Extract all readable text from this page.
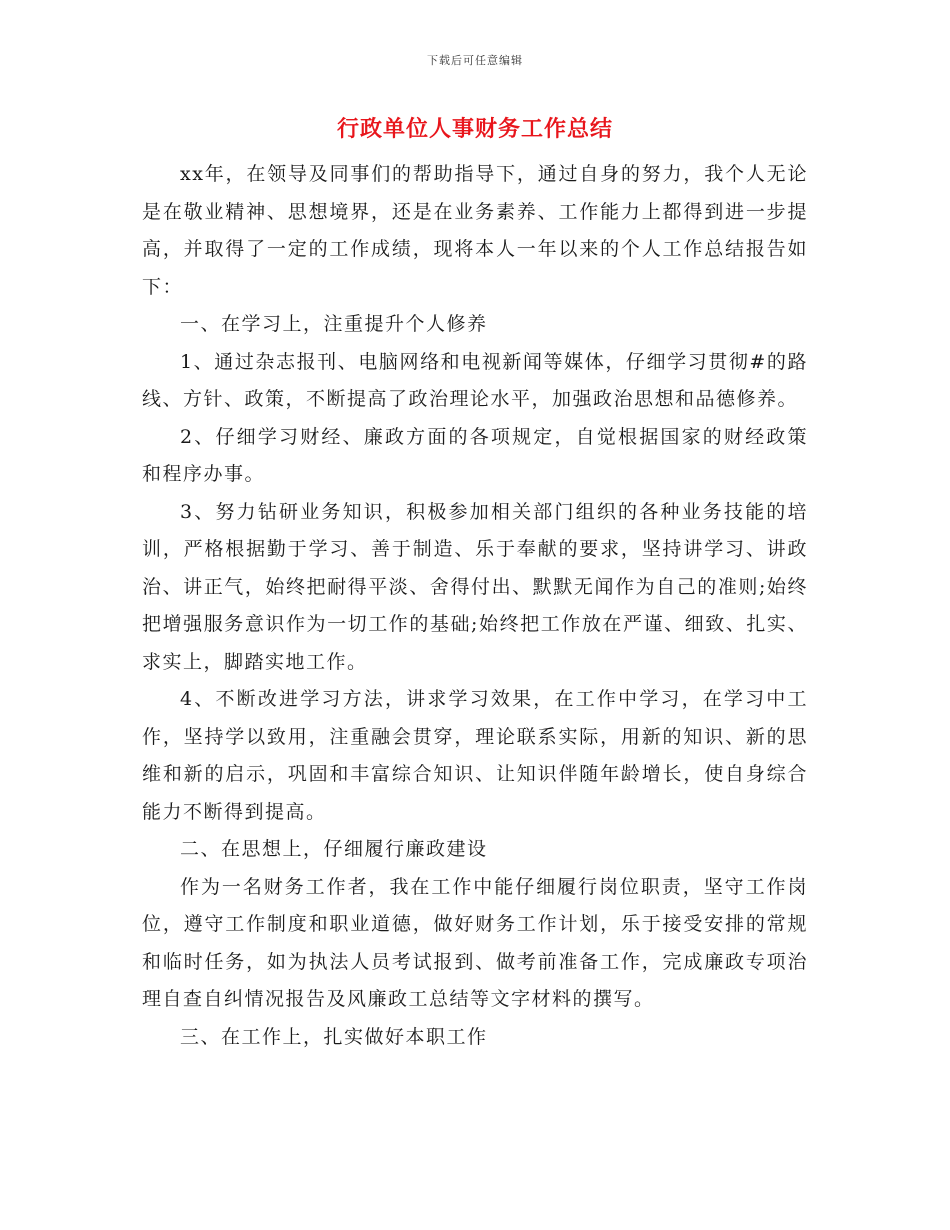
下载后可任意编辑
行政单位人事财务工作总结

xx年，在领导及同事们的帮助指导下，通过自身的努力，我个人无论是在敬业精神、思想境界，还是在业务素养、工作能力上都得到进一步提高，并取得了一定的工作成绩，现将本人一年以来的个人工作总结报告如下：

一、在学习上，注重提升个人修养

1、通过杂志报刊、电脑网络和电视新闻等媒体，仔细学习贯彻#的路线、方针、政策，不断提高了政治理论水平，加强政治思想和品德修养。

2、仔细学习财经、廉政方面的各项规定，自觉根据国家的财经政策和程序办事。

3、努力钻研业务知识，积极参加相关部门组织的各种业务技能的培训，严格根据勤于学习、善于制造、乐于奉献的要求，坚持讲学习、讲政治、讲正气，始终把耐得平淡、舍得付出、默默无闻作为自己的准则;始终把增强服务意识作为一切工作的基础;始终把工作放在严谨、细致、扎实、求实上，脚踏实地工作。

4、不断改进学习方法，讲求学习效果，在工作中学习，在学习中工作，坚持学以致用，注重融会贯穿，理论联系实际，用新的知识、新的思维和新的启示，巩固和丰富综合知识、让知识伴随年龄增长，使自身综合能力不断得到提高。

二、在思想上，仔细履行廉政建设

作为一名财务工作者，我在工作中能仔细履行岗位职责，坚守工作岗位，遵守工作制度和职业道德，做好财务工作计划，乐于接受安排的常规和临时任务，如为执法人员考试报到、做考前准备工作，完成廉政专项治理自查自纠情况报告及风廉政工总结等文字材料的撰写。

三、在工作上，扎实做好本职工作
